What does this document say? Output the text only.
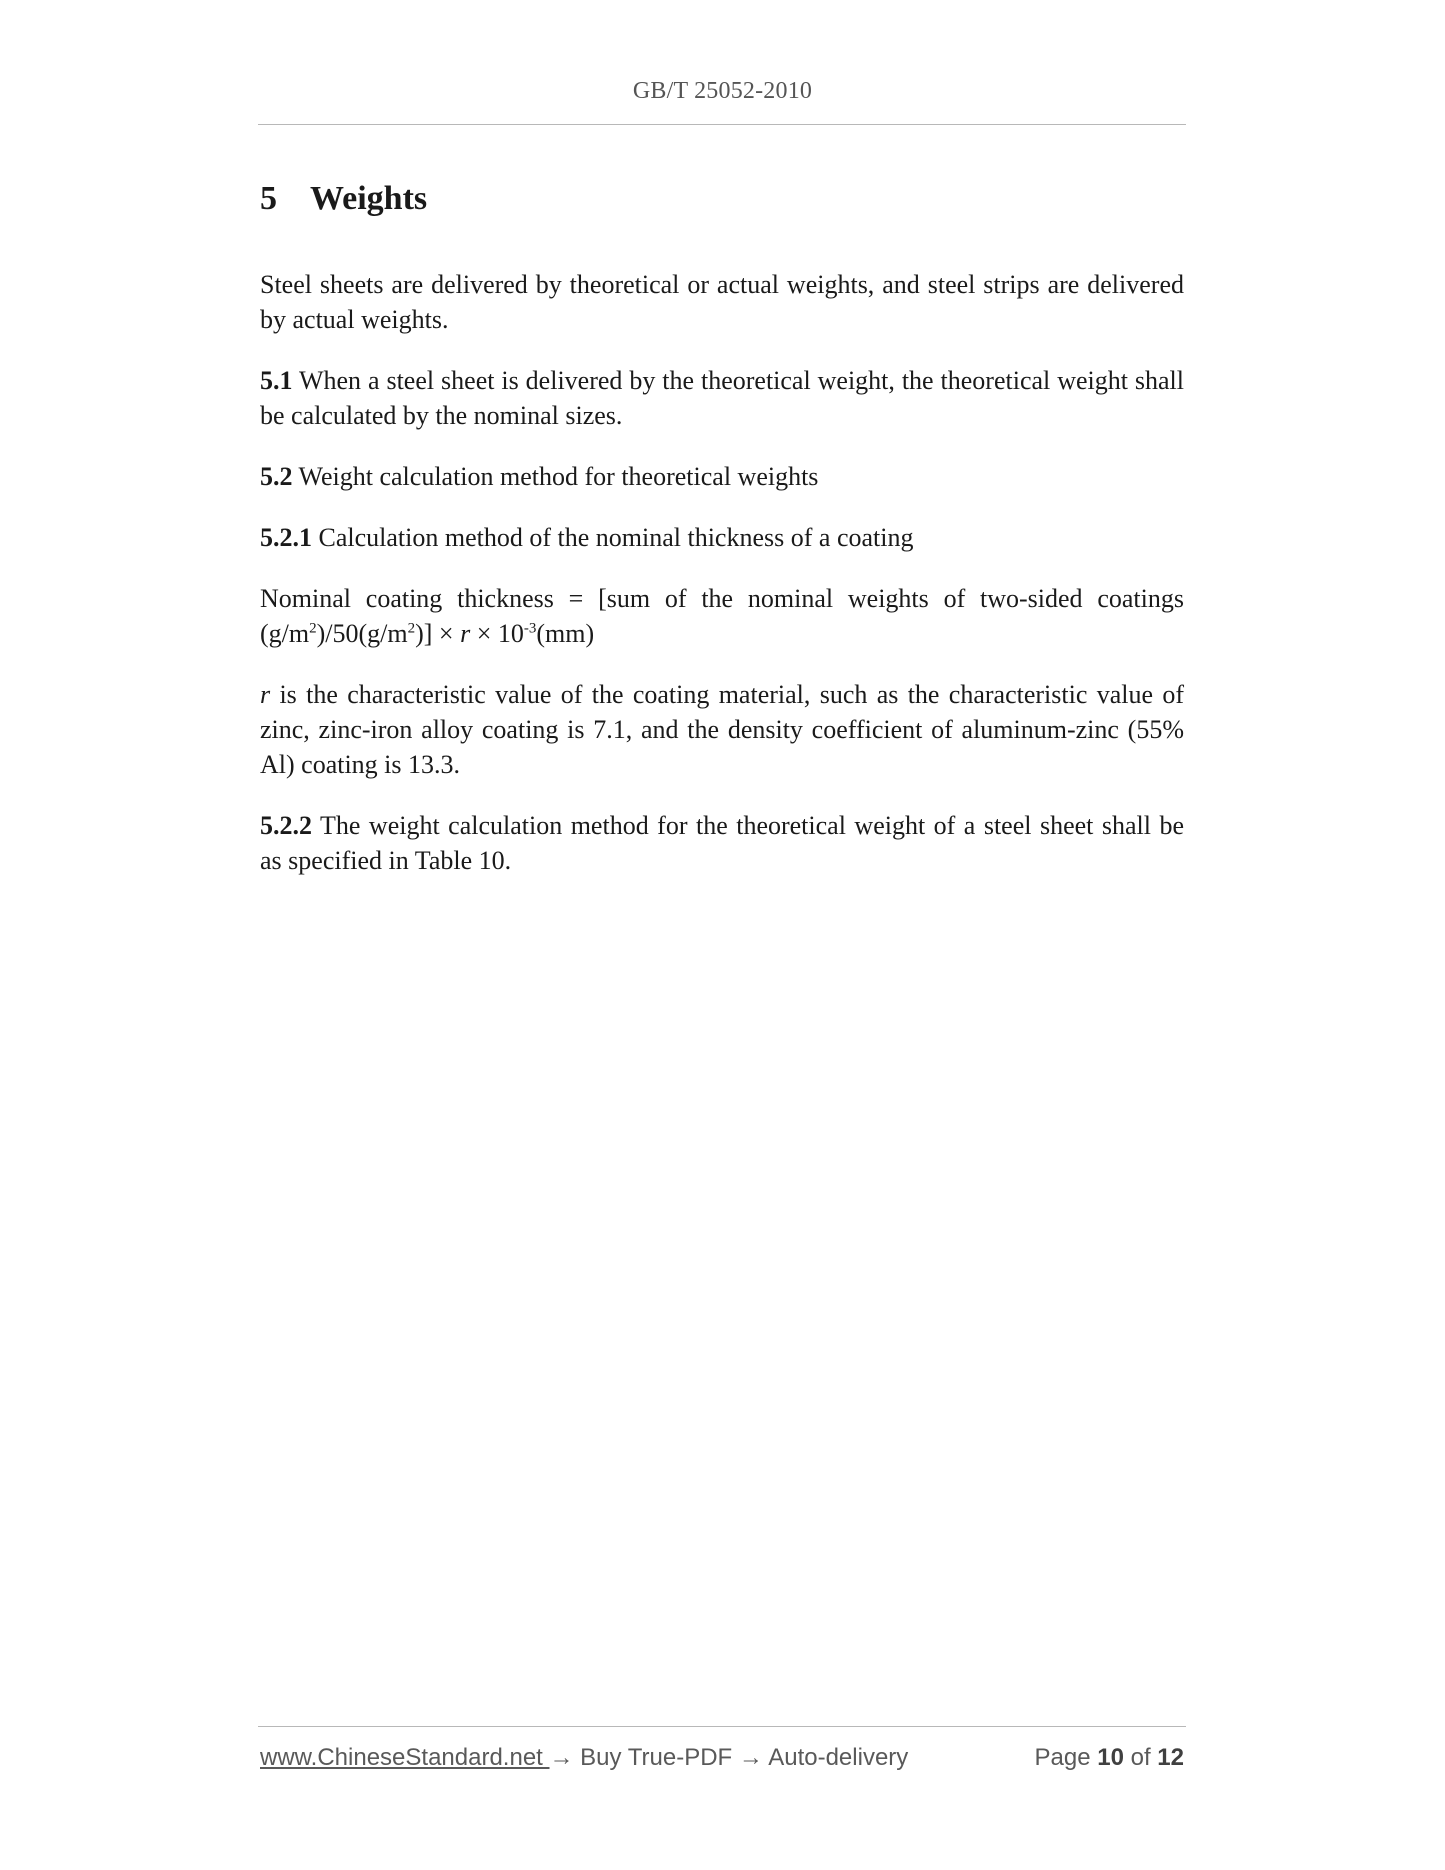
GB/T 25052-2010
5 Weights

Steel sheets are delivered by theoretical or actual weights, and steel strips are delivered by actual weights.

5.1 When a steel sheet is delivered by the theoretical weight, the theoretical weight shall be calculated by the nominal sizes.

5.2 Weight calculation method for theoretical weights

5.2.1 Calculation method of the nominal thickness of a coating

Nominal coating thickness = [sum of the nominal weights of two-sided coatings
$(g/m^2)/50(g/m^2)] \times r \times 10^{-3}(mm)$

r is the characteristic value of the coating material, such as the characteristic value of zinc, zinc-iron alloy coating is 7.1, and the density coefficient of aluminum-zinc (55% Al) coating is 13.3.

5.2.2 The weight calculation method for the theoretical weight of a steel sheet shall be as specified in Table 10.

www.ChineseStandard.net → Buy True-PDF → Auto-delivery	Page 10 of 12
